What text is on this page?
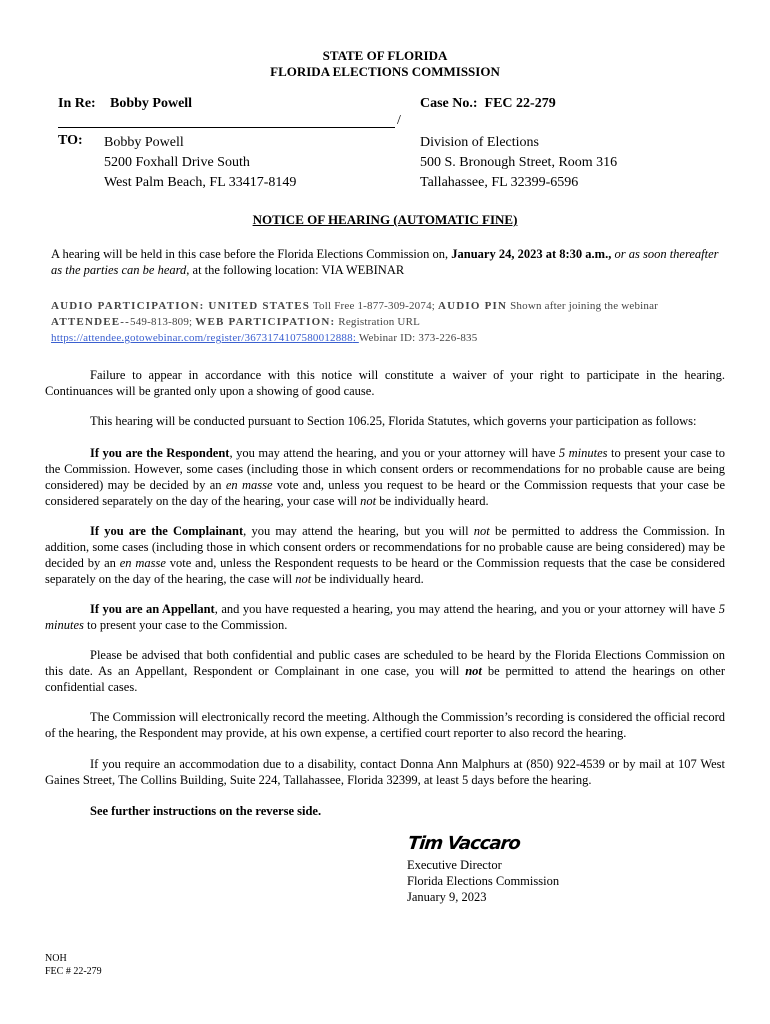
STATE OF FLORIDA
FLORIDA ELECTIONS COMMISSION
In Re: Bobby Powell	Case No.: FEC 22-279
/
TO: Bobby Powell
5200 Foxhall Drive South
West Palm Beach, FL 33417-8149
Division of Elections
500 S. Bronough Street, Room 316
Tallahassee, FL 32399-6596
NOTICE OF HEARING (AUTOMATIC FINE)
A hearing will be held in this case before the Florida Elections Commission on, January 24, 2023 at 8:30 a.m., or as soon thereafter as the parties can be heard, at the following location: VIA WEBINAR
AUDIO PARTICIPATION: UNITED STATES Toll Free 1-877-309-2074; AUDIO PIN Shown after joining the webinar
ATTENDEE--549-813-809; WEB PARTICIPATION: Registration URL
https://attendee.gotowebinar.com/register/3673174107580012888: Webinar ID: 373-226-835
Failure to appear in accordance with this notice will constitute a waiver of your right to participate in the hearing. Continuances will be granted only upon a showing of good cause.
This hearing will be conducted pursuant to Section 106.25, Florida Statutes, which governs your participation as follows:
If you are the Respondent, you may attend the hearing, and you or your attorney will have 5 minutes to present your case to the Commission. However, some cases (including those in which consent orders or recommendations for no probable cause are being considered) may be decided by an en masse vote and, unless you request to be heard or the Commission requests that your case be considered separately on the day of the hearing, your case will not be individually heard.
If you are the Complainant, you may attend the hearing, but you will not be permitted to address the Commission. In addition, some cases (including those in which consent orders or recommendations for no probable cause are being considered) may be decided by an en masse vote and, unless the Respondent requests to be heard or the Commission requests that the case be considered separately on the day of the hearing, the case will not be individually heard.
If you are an Appellant, and you have requested a hearing, you may attend the hearing, and you or your attorney will have 5 minutes to present your case to the Commission.
Please be advised that both confidential and public cases are scheduled to be heard by the Florida Elections Commission on this date. As an Appellant, Respondent or Complainant in one case, you will not be permitted to attend the hearings on other confidential cases.
The Commission will electronically record the meeting. Although the Commission’s recording is considered the official record of the hearing, the Respondent may provide, at his own expense, a certified court reporter to also record the hearing.
If you require an accommodation due to a disability, contact Donna Ann Malphurs at (850) 922-4539 or by mail at 107 West Gaines Street, The Collins Building, Suite 224, Tallahassee, Florida 32399, at least 5 days before the hearing.
See further instructions on the reverse side.
Tim Vaccaro
Executive Director
Florida Elections Commission
January 9, 2023
NOH
FEC # 22-279
